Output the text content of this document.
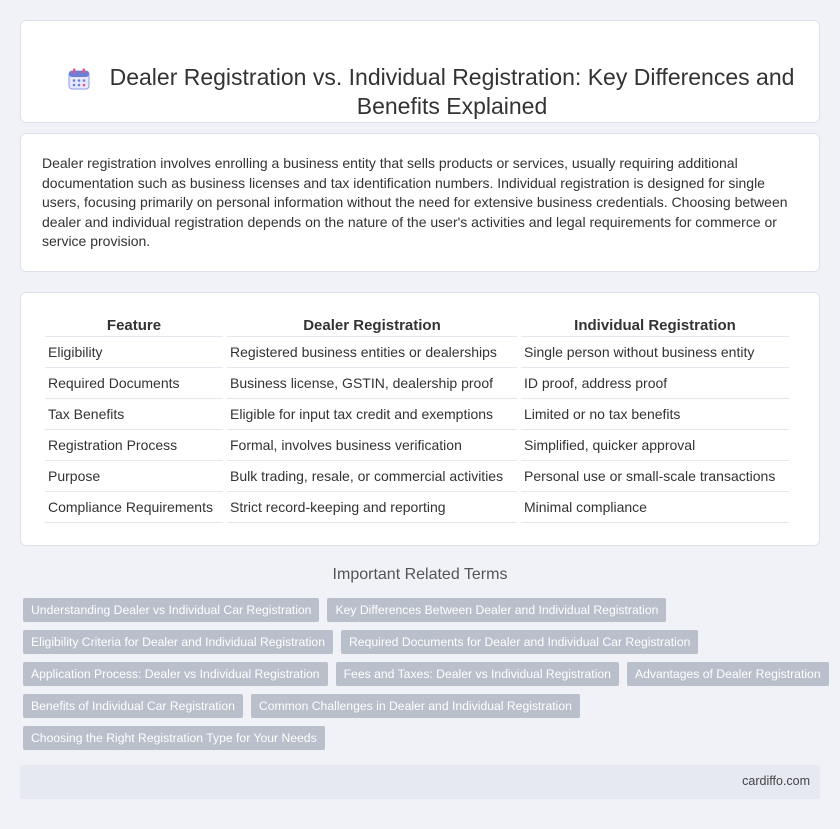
Dealer Registration vs. Individual Registration: Key Differences and Benefits Explained

Dealer registration involves enrolling a business entity that sells products or services, usually requiring additional documentation such as business licenses and tax identification numbers. Individual registration is designed for single users, focusing primarily on personal information without the need for extensive business credentials. Choosing between dealer and individual registration depends on the nature of the user's activities and legal requirements for commerce or service provision.

Feature	Dealer Registration	Individual Registration
Eligibility	Registered business entities or dealerships	Single person without business entity
Required Documents	Business license, GSTIN, dealership proof	ID proof, address proof
Tax Benefits	Eligible for input tax credit and exemptions	Limited or no tax benefits
Registration Process	Formal, involves business verification	Simplified, quicker approval
Purpose	Bulk trading, resale, or commercial activities	Personal use or small-scale transactions
Compliance Requirements	Strict record-keeping and reporting	Minimal compliance
Important Related Terms
Understanding Dealer vs Individual Car Registration	Key Differences Between Dealer and Individual Registration
Eligibility Criteria for Dealer and Individual Registration	Required Documents for Dealer and Individual Car Registration
Application Process: Dealer vs Individual Registration	Fees and Taxes: Dealer vs Individual Registration	Advantages of Dealer Registration
Benefits of Individual Car Registration	Common Challenges in Dealer and Individual Registration
Choosing the Right Registration Type for Your Needs
cardiffo.com
